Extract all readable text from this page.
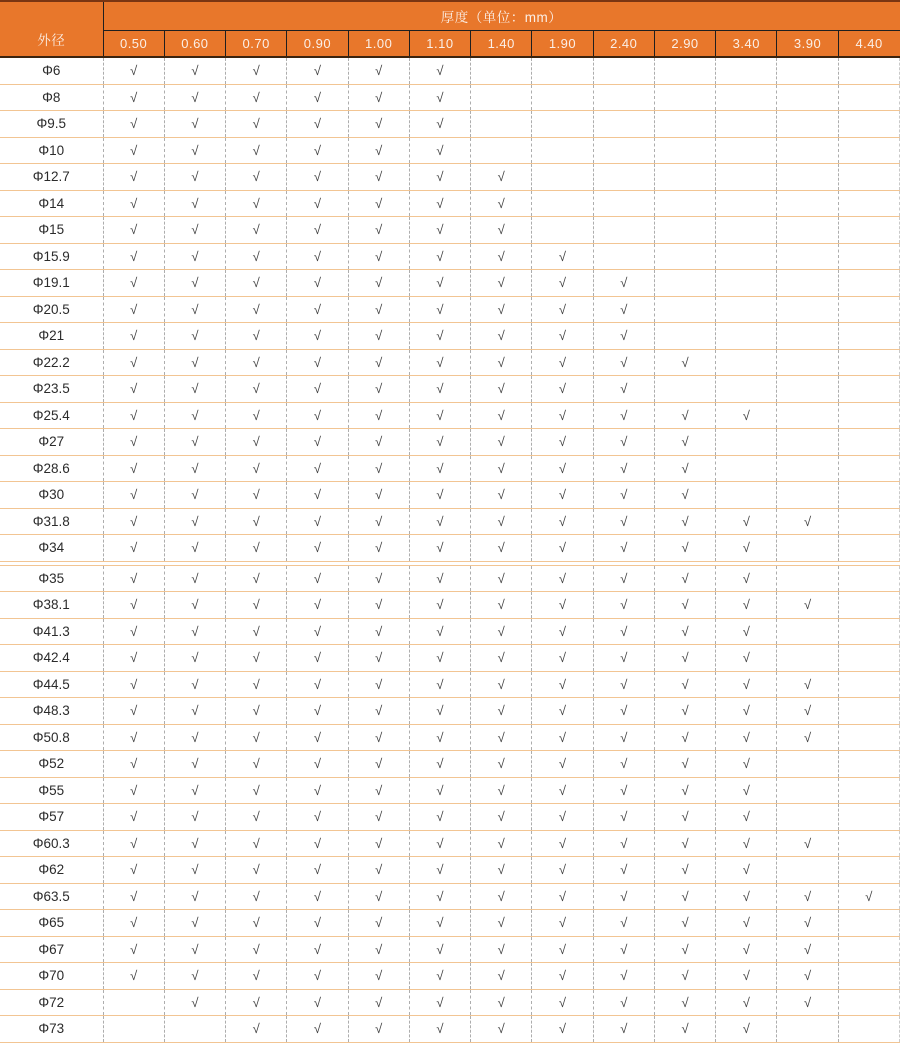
外径	厚度（单位：mm）												
	0.50	0.60	0.70	0.90	1.00	1.10	1.40	1.90	2.40	2.90	3.40	3.90	4.40
Φ6	√	√	√	√	√	√							
Φ8	√	√	√	√	√	√							
Φ9.5	√	√	√	√	√	√							
Φ10	√	√	√	√	√	√							
Φ12.7	√	√	√	√	√	√	√						
Φ14	√	√	√	√	√	√	√						
Φ15	√	√	√	√	√	√	√						
Φ15.9	√	√	√	√	√	√	√	√					
Φ19.1	√	√	√	√	√	√	√	√	√				
Φ20.5	√	√	√	√	√	√	√	√	√				
Φ21	√	√	√	√	√	√	√	√	√				
Φ22.2	√	√	√	√	√	√	√	√	√	√			
Φ23.5	√	√	√	√	√	√	√	√	√				
Φ25.4	√	√	√	√	√	√	√	√	√	√	√		
Φ27	√	√	√	√	√	√	√	√	√	√			
Φ28.6	√	√	√	√	√	√	√	√	√	√			
Φ30	√	√	√	√	√	√	√	√	√	√			
Φ31.8	√	√	√	√	√	√	√	√	√	√	√	√	
Φ34	√	√	√	√	√	√	√	√	√	√	√		

Φ35	√	√	√	√	√	√	√	√	√	√	√		
Φ38.1	√	√	√	√	√	√	√	√	√	√	√	√	
Φ41.3	√	√	√	√	√	√	√	√	√	√	√		
Φ42.4	√	√	√	√	√	√	√	√	√	√	√		
Φ44.5	√	√	√	√	√	√	√	√	√	√	√	√	
Φ48.3	√	√	√	√	√	√	√	√	√	√	√	√	
Φ50.8	√	√	√	√	√	√	√	√	√	√	√	√	
Φ52	√	√	√	√	√	√	√	√	√	√	√		
Φ55	√	√	√	√	√	√	√	√	√	√	√		
Φ57	√	√	√	√	√	√	√	√	√	√	√		
Φ60.3	√	√	√	√	√	√	√	√	√	√	√	√	
Φ62	√	√	√	√	√	√	√	√	√	√	√		
Φ63.5	√	√	√	√	√	√	√	√	√	√	√	√	√
Φ65	√	√	√	√	√	√	√	√	√	√	√	√	
Φ67	√	√	√	√	√	√	√	√	√	√	√	√	
Φ70	√	√	√	√	√	√	√	√	√	√	√	√	
Φ72		√	√	√	√	√	√	√	√	√	√	√	
Φ73			√	√	√	√	√	√	√	√	√		
